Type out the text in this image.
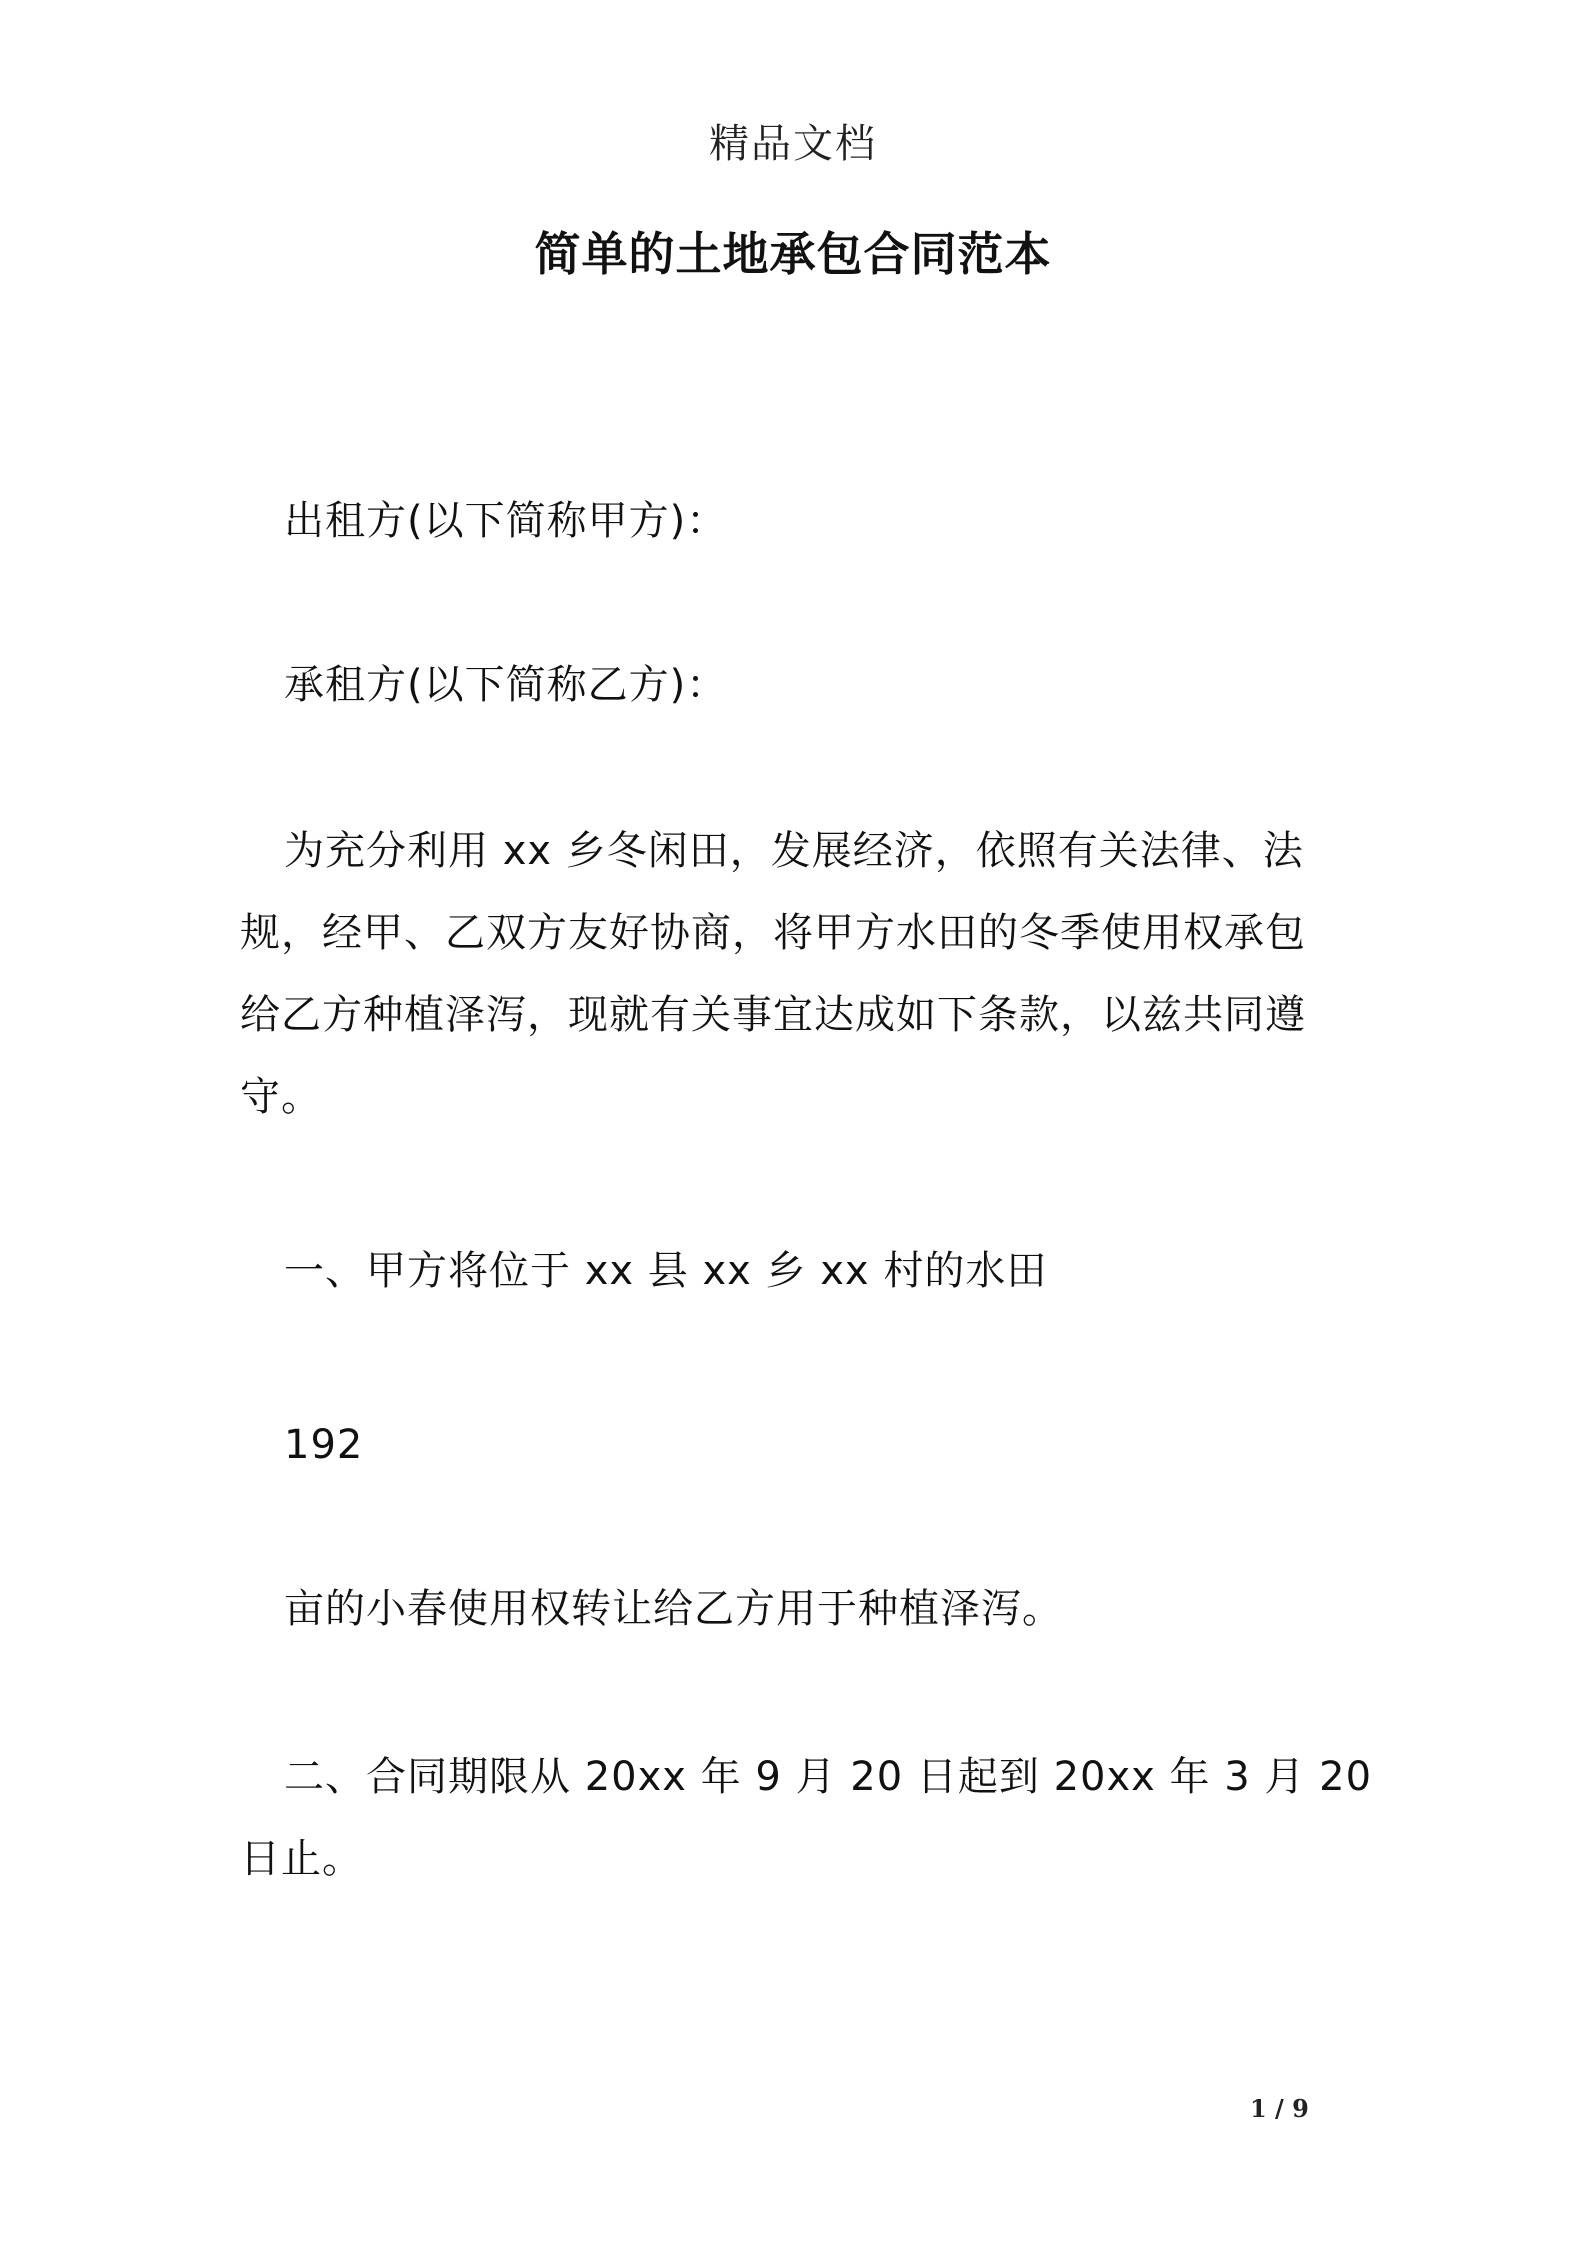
精品文档
简单的土地承包合同范本
出租方(以下简称甲方)：
承租方(以下简称乙方)：
为充分利用 xx 乡冬闲田，发展经济，依照有关法律、法
规，经甲、乙双方友好协商，将甲方水田的冬季使用权承包
给乙方种植泽泻，现就有关事宜达成如下条款，以兹共同遵
守。
一、甲方将位于 xx 县 xx 乡 xx 村的水田
192
亩的小春使用权转让给乙方用于种植泽泻。
二、合同期限从 20xx 年 9 月 20 日起到 20xx 年 3 月 20
日止。
1 / 9
